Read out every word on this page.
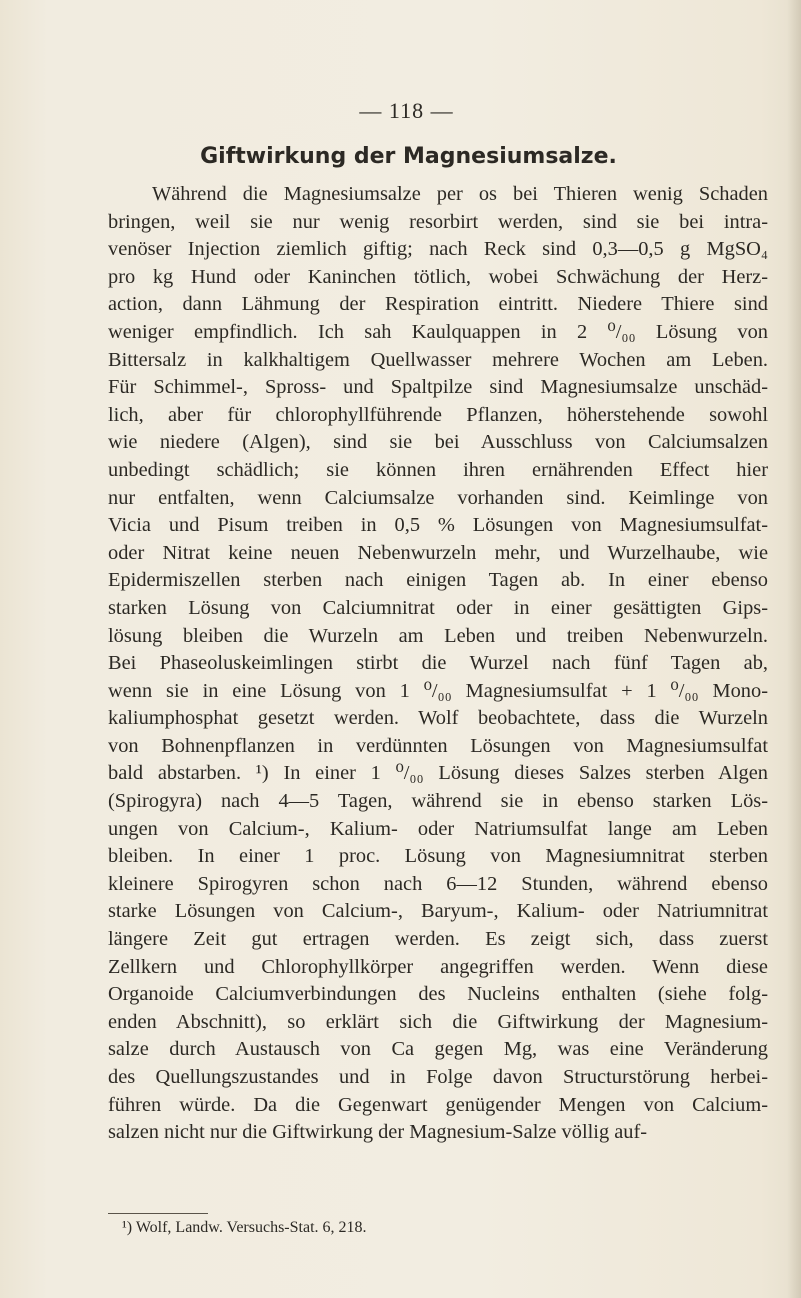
— 118 —
Giftwirkung der Magnesiumsalze.
Während die Magnesiumsalze per os bei Thieren wenig Schaden
bringen, weil sie nur wenig resorbirt werden, sind sie bei intra-
venöser Injection ziemlich giftig; nach Reck sind 0,3—0,5 g MgSO₄
pro kg Hund oder Kaninchen tötlich, wobei Schwächung der Herz-
action, dann Lähmung der Respiration eintritt. Niedere Thiere sind
weniger empfindlich. Ich sah Kaulquappen in 2 ⁰/₀₀ Lösung von
Bittersalz in kalkhaltigem Quellwasser mehrere Wochen am Leben.
Für Schimmel-, Spross- und Spaltpilze sind Magnesiumsalze unschäd-
lich, aber für chlorophyllführende Pflanzen, höherstehende sowohl
wie niedere (Algen), sind sie bei Ausschluss von Calciumsalzen
unbedingt schädlich; sie können ihren ernährenden Effect hier
nur entfalten, wenn Calciumsalze vorhanden sind. Keimlinge von
Vicia und Pisum treiben in 0,5 % Lösungen von Magnesiumsulfat-
oder Nitrat keine neuen Nebenwurzeln mehr, und Wurzelhaube, wie
Epidermiszellen sterben nach einigen Tagen ab. In einer ebenso
starken Lösung von Calciumnitrat oder in einer gesättigten Gips-
lösung bleiben die Wurzeln am Leben und treiben Nebenwurzeln.
Bei Phaseoluskeimlingen stirbt die Wurzel nach fünf Tagen ab,
wenn sie in eine Lösung von 1 ⁰/₀₀ Magnesiumsulfat + 1 ⁰/₀₀ Mono-
kaliumphosphat gesetzt werden. Wolf beobachtete, dass die Wurzeln
von Bohnenpflanzen in verdünnten Lösungen von Magnesiumsulfat
bald abstarben. ¹) In einer 1 ⁰/₀₀ Lösung dieses Salzes sterben Algen
(Spirogyra) nach 4—5 Tagen, während sie in ebenso starken Lös-
ungen von Calcium-, Kalium- oder Natriumsulfat lange am Leben
bleiben. In einer 1 proc. Lösung von Magnesiumnitrat sterben
kleinere Spirogyren schon nach 6—12 Stunden, während ebenso
starke Lösungen von Calcium-, Baryum-, Kalium- oder Natriumnitrat
längere Zeit gut ertragen werden. Es zeigt sich, dass zuerst
Zellkern und Chlorophyllkörper angegriffen werden. Wenn diese
Organoide Calciumverbindungen des Nucleins enthalten (siehe folg-
enden Abschnitt), so erklärt sich die Giftwirkung der Magnesium-
salze durch Austausch von Ca gegen Mg, was eine Veränderung
des Quellungszustandes und in Folge davon Structurstörung herbei-
führen würde. Da die Gegenwart genügender Mengen von Calcium-
salzen nicht nur die Giftwirkung der Magnesium-Salze völlig auf-
¹) Wolf, Landw. Versuchs-Stat. 6, 218.
